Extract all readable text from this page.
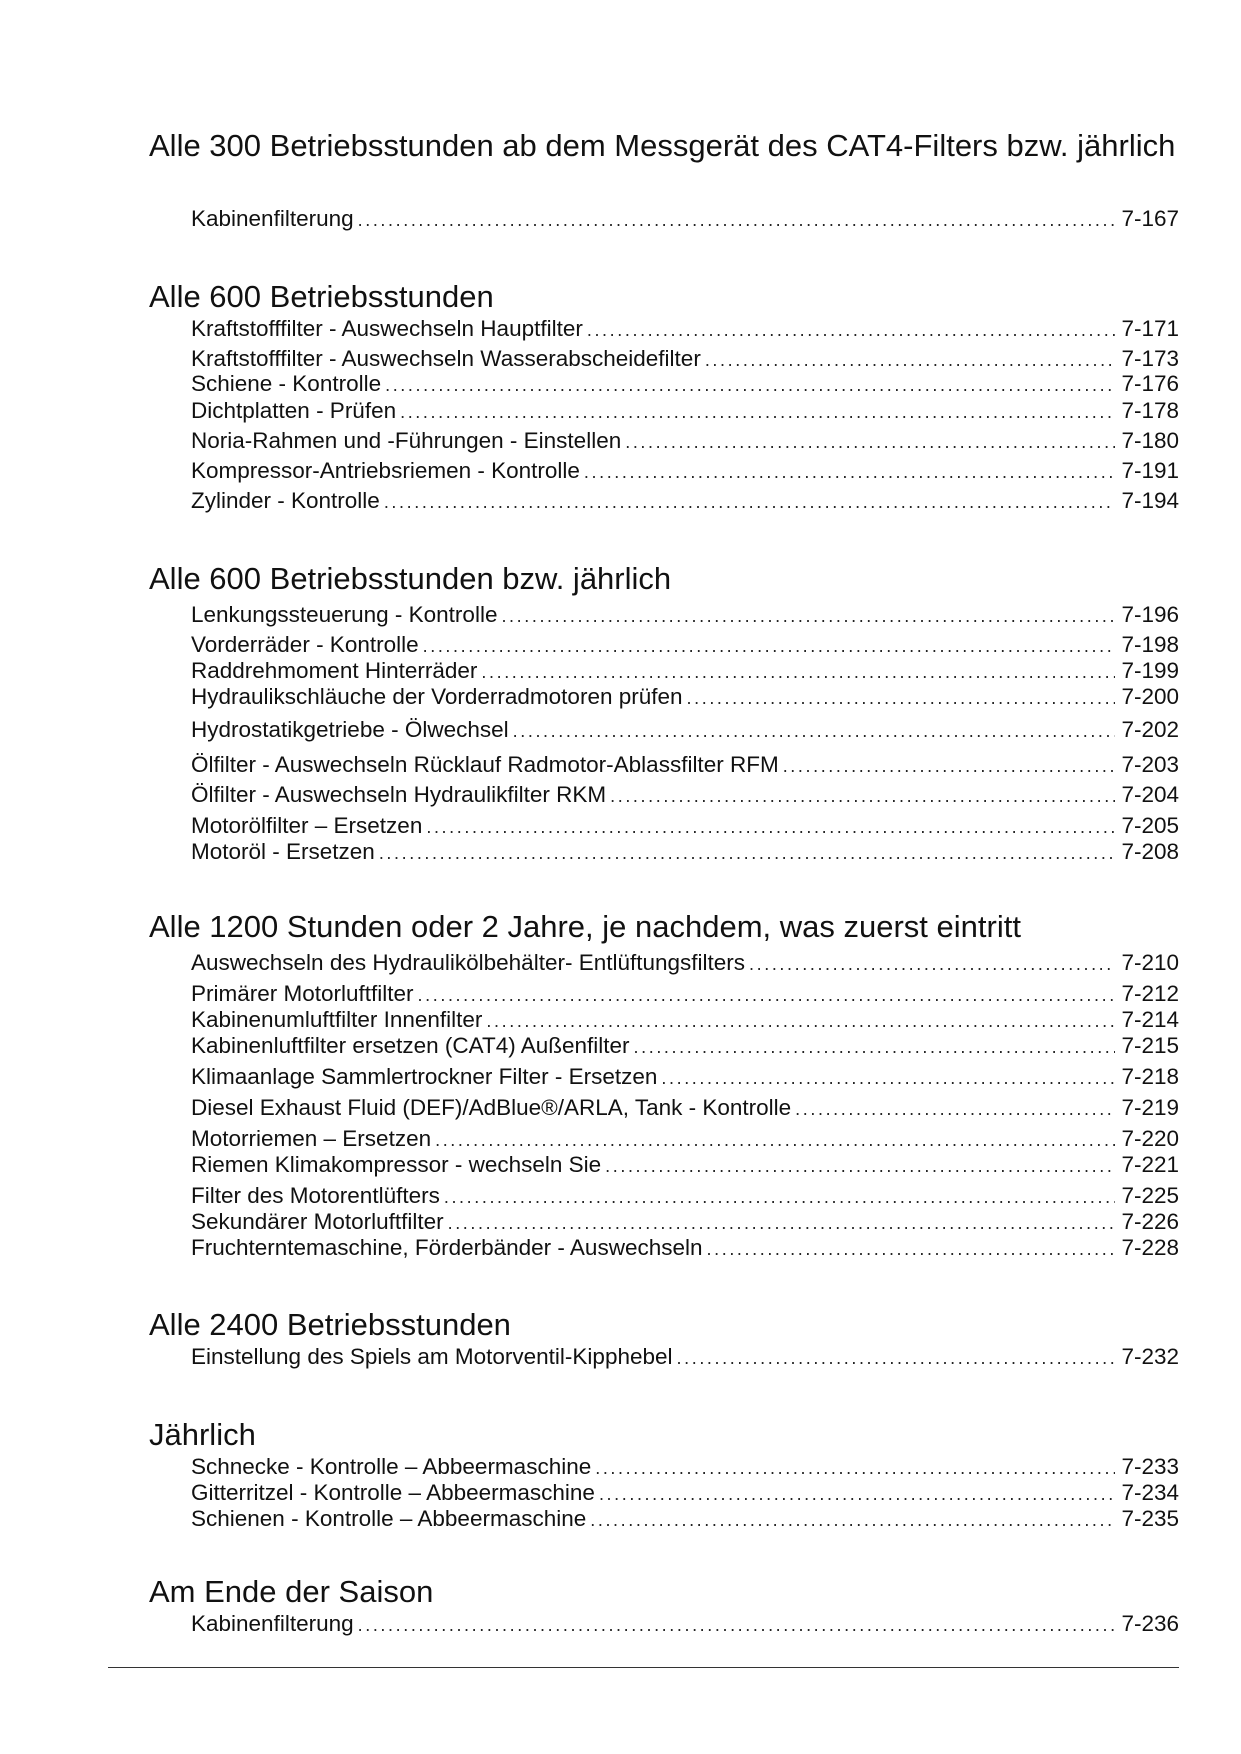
Alle 300 Betriebsstunden ab dem Messgerät des CAT4-Filters bzw. jährlich
Kabinenfilterung .....	7-167
Alle 600 Betriebsstunden
Kraftstofffilter - Auswechseln Hauptfilter .....	7-171
Kraftstofffilter - Auswechseln Wasserabscheidefilter .....	7-173
Schiene - Kontrolle .....	7-176
Dichtplatten - Prüfen .....	7-178
Noria-Rahmen und -Führungen - Einstellen .....	7-180
Kompressor-Antriebsriemen - Kontrolle .....	7-191
Zylinder - Kontrolle .....	7-194
Alle 600 Betriebsstunden bzw. jährlich
Lenkungssteuerung - Kontrolle .....	7-196
Vorderräder - Kontrolle .....	7-198
Raddrehmoment Hinterräder .....	7-199
Hydraulikschläuche der Vorderradmotoren prüfen .....	7-200
Hydrostatikgetriebe - Ölwechsel .....	7-202
Ölfilter - Auswechseln Rücklauf Radmotor-Ablassfilter RFM .....	7-203
Ölfilter - Auswechseln Hydraulikfilter RKM .....	7-204
Motorölfilter – Ersetzen .....	7-205
Motoröl - Ersetzen .....	7-208
Alle 1200 Stunden oder 2 Jahre, je nachdem, was zuerst eintritt
Auswechseln des Hydraulikölbehälter- Entlüftungsfilters .....	7-210
Primärer Motorluftfilter .....	7-212
Kabinenumluftfilter Innenfilter .....	7-214
Kabinenluftfilter ersetzen (CAT4) Außenfilter .....	7-215
Klimaanlage Sammlertrockner Filter - Ersetzen .....	7-218
Diesel Exhaust Fluid (DEF)/AdBlue®/ARLA, Tank - Kontrolle .....	7-219
Motorriemen – Ersetzen .....	7-220
Riemen Klimakompressor - wechseln Sie .....	7-221
Filter des Motorentlüfters .....	7-225
Sekundärer Motorluftfilter .....	7-226
Fruchterntemaschine, Förderbänder - Auswechseln .....	7-228
Alle 2400 Betriebsstunden
Einstellung des Spiels am Motorventil-Kipphebel .....	7-232
Jährlich
Schnecke - Kontrolle – Abbeermaschine .....	7-233
Gitterritzel - Kontrolle – Abbeermaschine .....	7-234
Schienen - Kontrolle – Abbeermaschine .....	7-235
Am Ende der Saison
Kabinenfilterung .....	7-236
